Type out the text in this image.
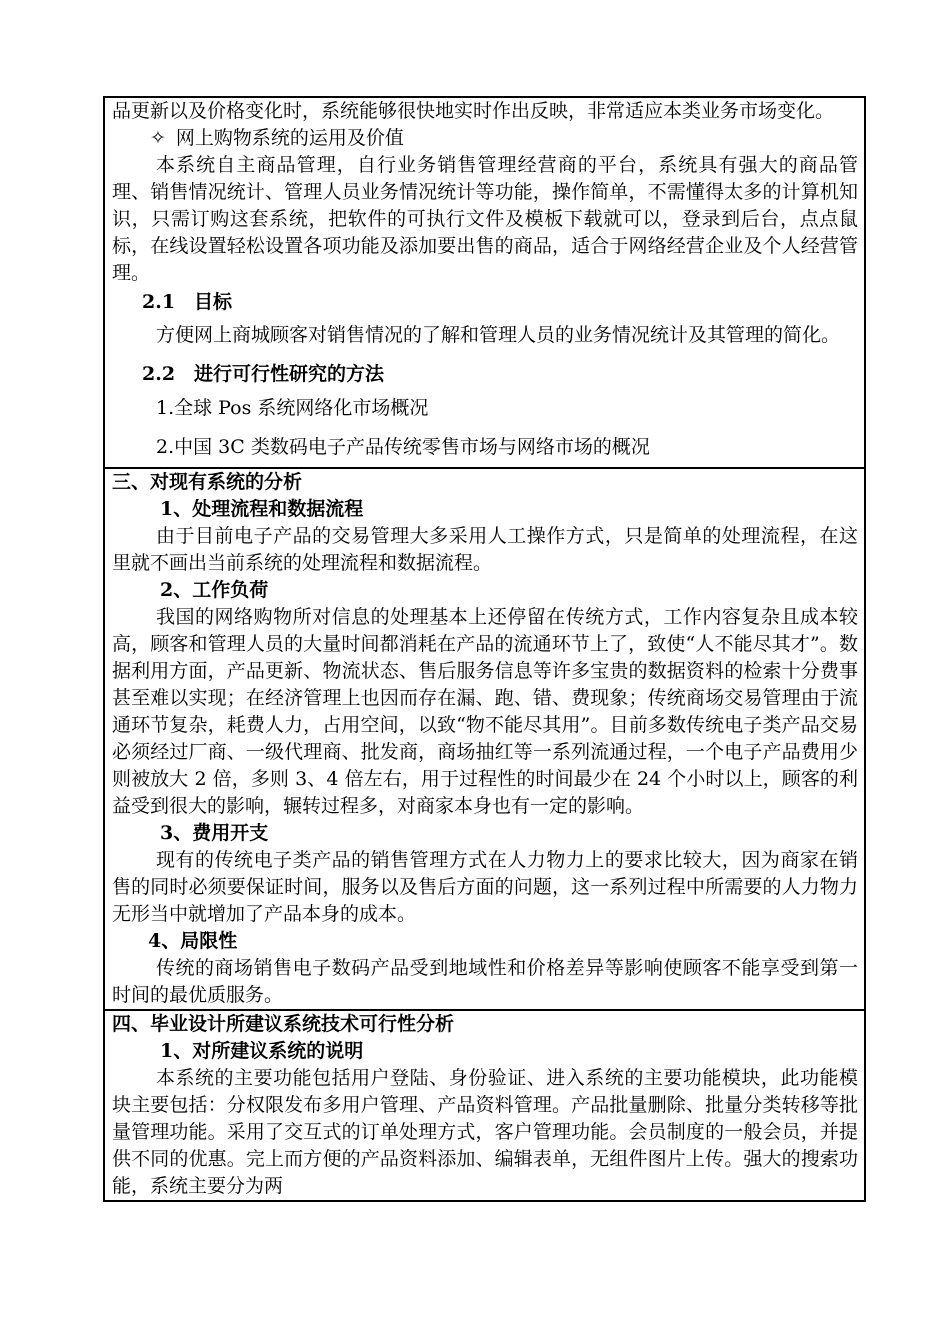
品更新以及价格变化时，系统能够很快地实时作出反映，非常适应本类业务市场变化。

✧ 网上购物系统的运用及价值

本系统自主商品管理，自行业务销售管理经营商的平台，系统具有强大的商品管理、销售情况统计、管理人员业务情况统计等功能，操作简单，不需懂得太多的计算机知识，只需订购这套系统，把软件的可执行文件及模板下载就可以，登录到后台，点点鼠标，在线设置轻松设置各项功能及添加要出售的商品，适合于网络经营企业及个人经营管理。

2.1　目标

方便网上商城顾客对销售情况的了解和管理人员的业务情况统计及其管理的简化。

2.2　进行可行性研究的方法

1.全球 Pos 系统网络化市场概况

2.中国 3C 类数码电子产品传统零售市场与网络市场的概况

三、对现有系统的分析

1、处理流程和数据流程

由于目前电子产品的交易管理大多采用人工操作方式，只是简单的处理流程，在这里就不画出当前系统的处理流程和数据流程。

2、工作负荷

我国的网络购物所对信息的处理基本上还停留在传统方式，工作内容复杂且成本较高，顾客和管理人员的大量时间都消耗在产品的流通环节上了，致使“人不能尽其才”。数据利用方面，产品更新、物流状态、售后服务信息等许多宝贵的数据资料的检索十分费事甚至难以实现；在经济管理上也因而存在漏、跑、错、费现象；传统商场交易管理由于流通环节复杂，耗费人力，占用空间，以致“物不能尽其用”。目前多数传统电子类产品交易必须经过厂商、一级代理商、批发商，商场抽红等一系列流通过程，一个电子产品费用少则被放大 2 倍，多则 3、4 倍左右，用于过程性的时间最少在 24 个小时以上，顾客的利益受到很大的影响，辗转过程多，对商家本身也有一定的影响。

3、费用开支

现有的传统电子类产品的销售管理方式在人力物力上的要求比较大，因为商家在销售的同时必须要保证时间，服务以及售后方面的问题，这一系列过程中所需要的人力物力无形当中就增加了产品本身的成本。

4、局限性

传统的商场销售电子数码产品受到地域性和价格差异等影响使顾客不能享受到第一时间的最优质服务。

四、毕业设计所建议系统技术可行性分析

1、对所建议系统的说明

本系统的主要功能包括用户登陆、身份验证、进入系统的主要功能模块，此功能模块主要包括：分权限发布多用户管理、产品资料管理。产品批量删除、批量分类转移等批量管理功能。采用了交互式的订单处理方式，客户管理功能。会员制度的一般会员，并提供不同的优惠。完上而方便的产品资料添加、编辑表单，无组件图片上传。强大的搜索功能，系统主要分为两
